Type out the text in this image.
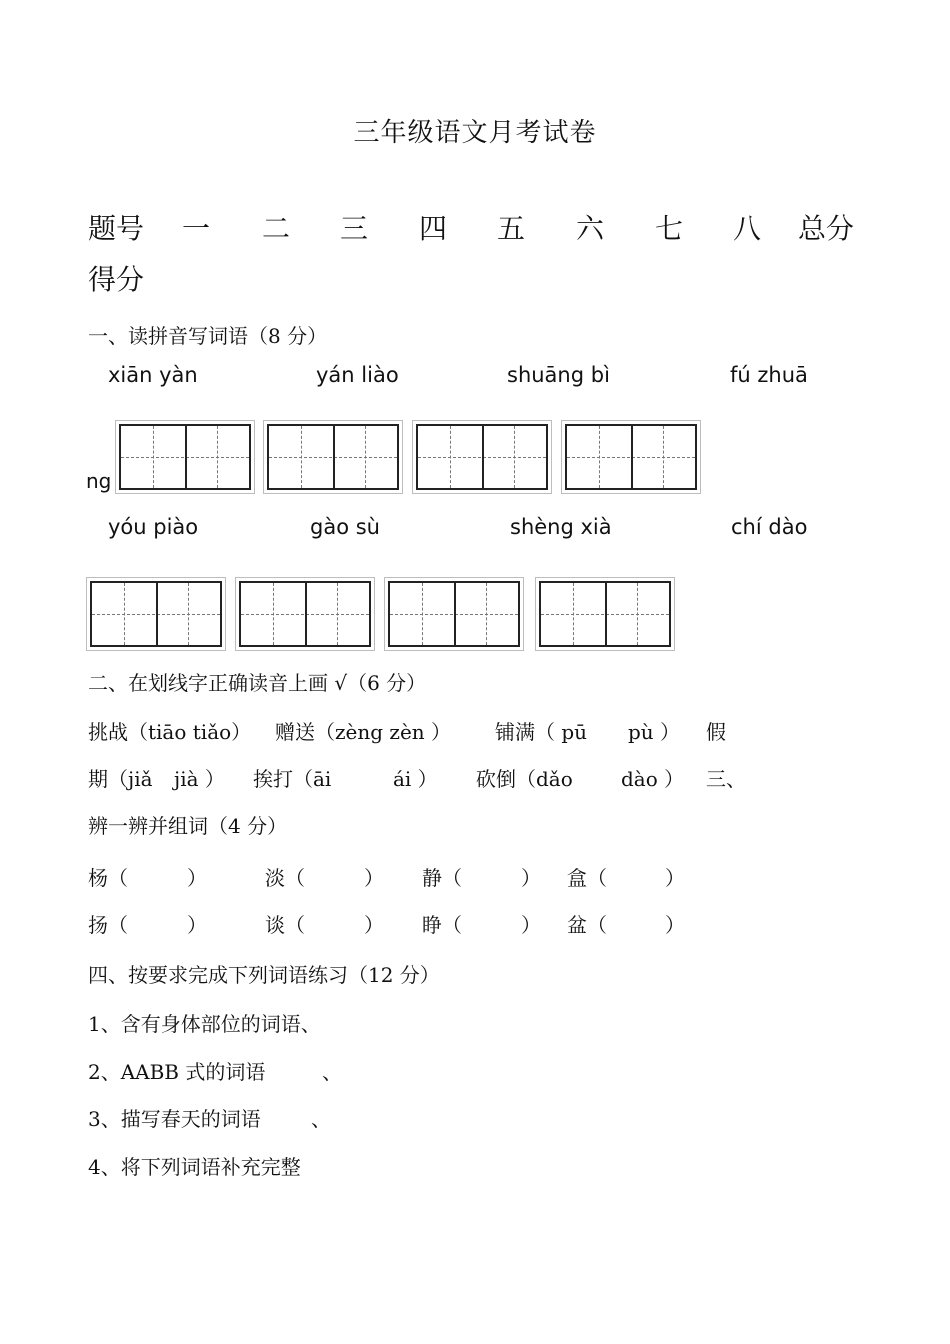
三年级语文月考试卷
题号 一 二 三 四 五 六 七 八 总分
得分
一、读拼音写词语（8 分）
xiān yàn	yán liào	shuāng bì	fú zhuā
ng
yóu piào	gào sù	shèng xià	chí dào
二、在划线字正确读音上画 √（6 分）
挑战（tiāo tiǎo） 赠送（zèng zèn ） 铺满（ pū pù ） 假
期（jiǎ jià ） 挨打（āi	ái ） 砍倒（dǎo dào ） 三、
辨一辨并组词（4 分）
杨（	）	淡（	） 静（	） 盒（	）
扬（	）	谈（	） 睁（	） 盆（	）
四、按要求完成下列词语练习（12 分）
1、含有身体部位的词语、
2、AABB 式的词语	、
3、描写春天的词语	、
4、将下列词语补充完整
